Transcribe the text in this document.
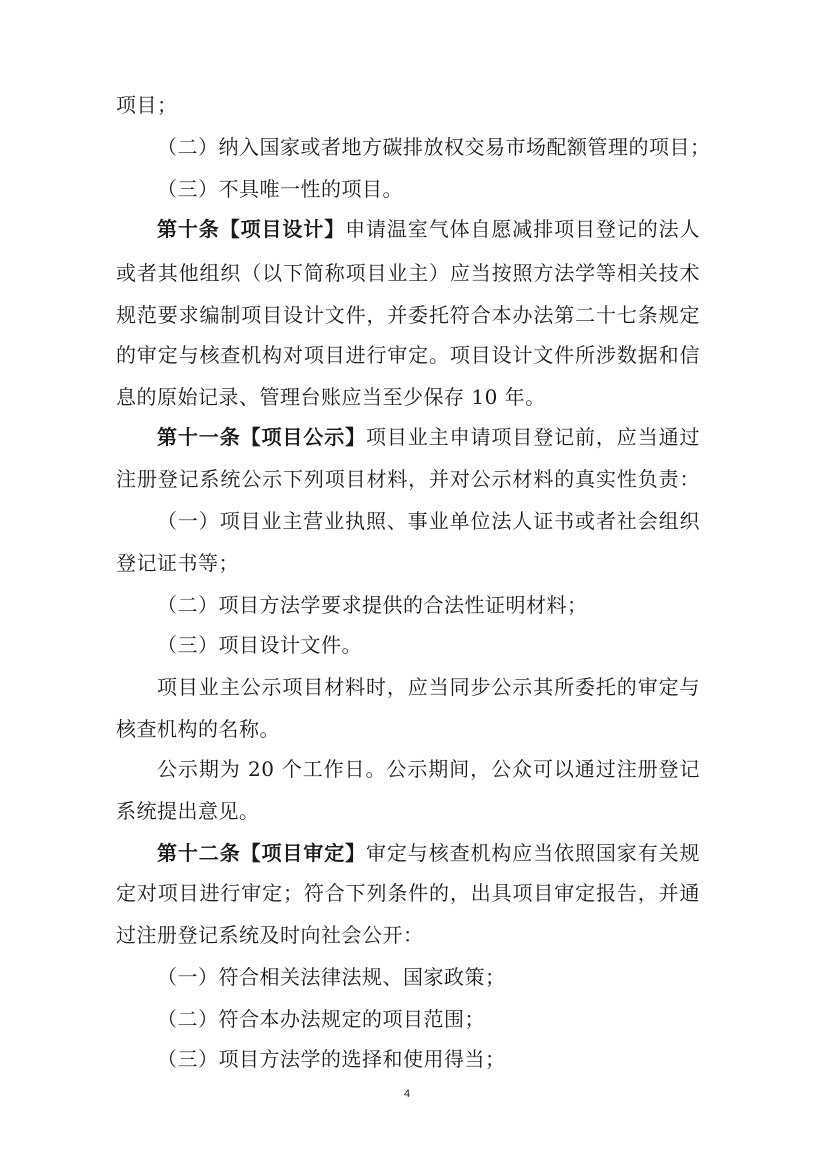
项目；
（二）纳入国家或者地方碳排放权交易市场配额管理的项目；
（三）不具唯一性的项目。
第十条【项目设计】申请温室气体自愿减排项目登记的法人
或者其他组织（以下简称项目业主）应当按照方法学等相关技术
规范要求编制项目设计文件，并委托符合本办法第二十七条规定
的审定与核查机构对项目进行审定。项目设计文件所涉数据和信
息的原始记录、管理台账应当至少保存 10 年。
第十一条【项目公示】项目业主申请项目登记前，应当通过
注册登记系统公示下列项目材料，并对公示材料的真实性负责：
（一）项目业主营业执照、事业单位法人证书或者社会组织
登记证书等；
（二）项目方法学要求提供的合法性证明材料；
（三）项目设计文件。
项目业主公示项目材料时，应当同步公示其所委托的审定与
核查机构的名称。
公示期为 20 个工作日。公示期间，公众可以通过注册登记
系统提出意见。
第十二条【项目审定】审定与核查机构应当依照国家有关规
定对项目进行审定；符合下列条件的，出具项目审定报告，并通
过注册登记系统及时向社会公开：
（一）符合相关法律法规、国家政策；
（二）符合本办法规定的项目范围；
（三）项目方法学的选择和使用得当；
4
